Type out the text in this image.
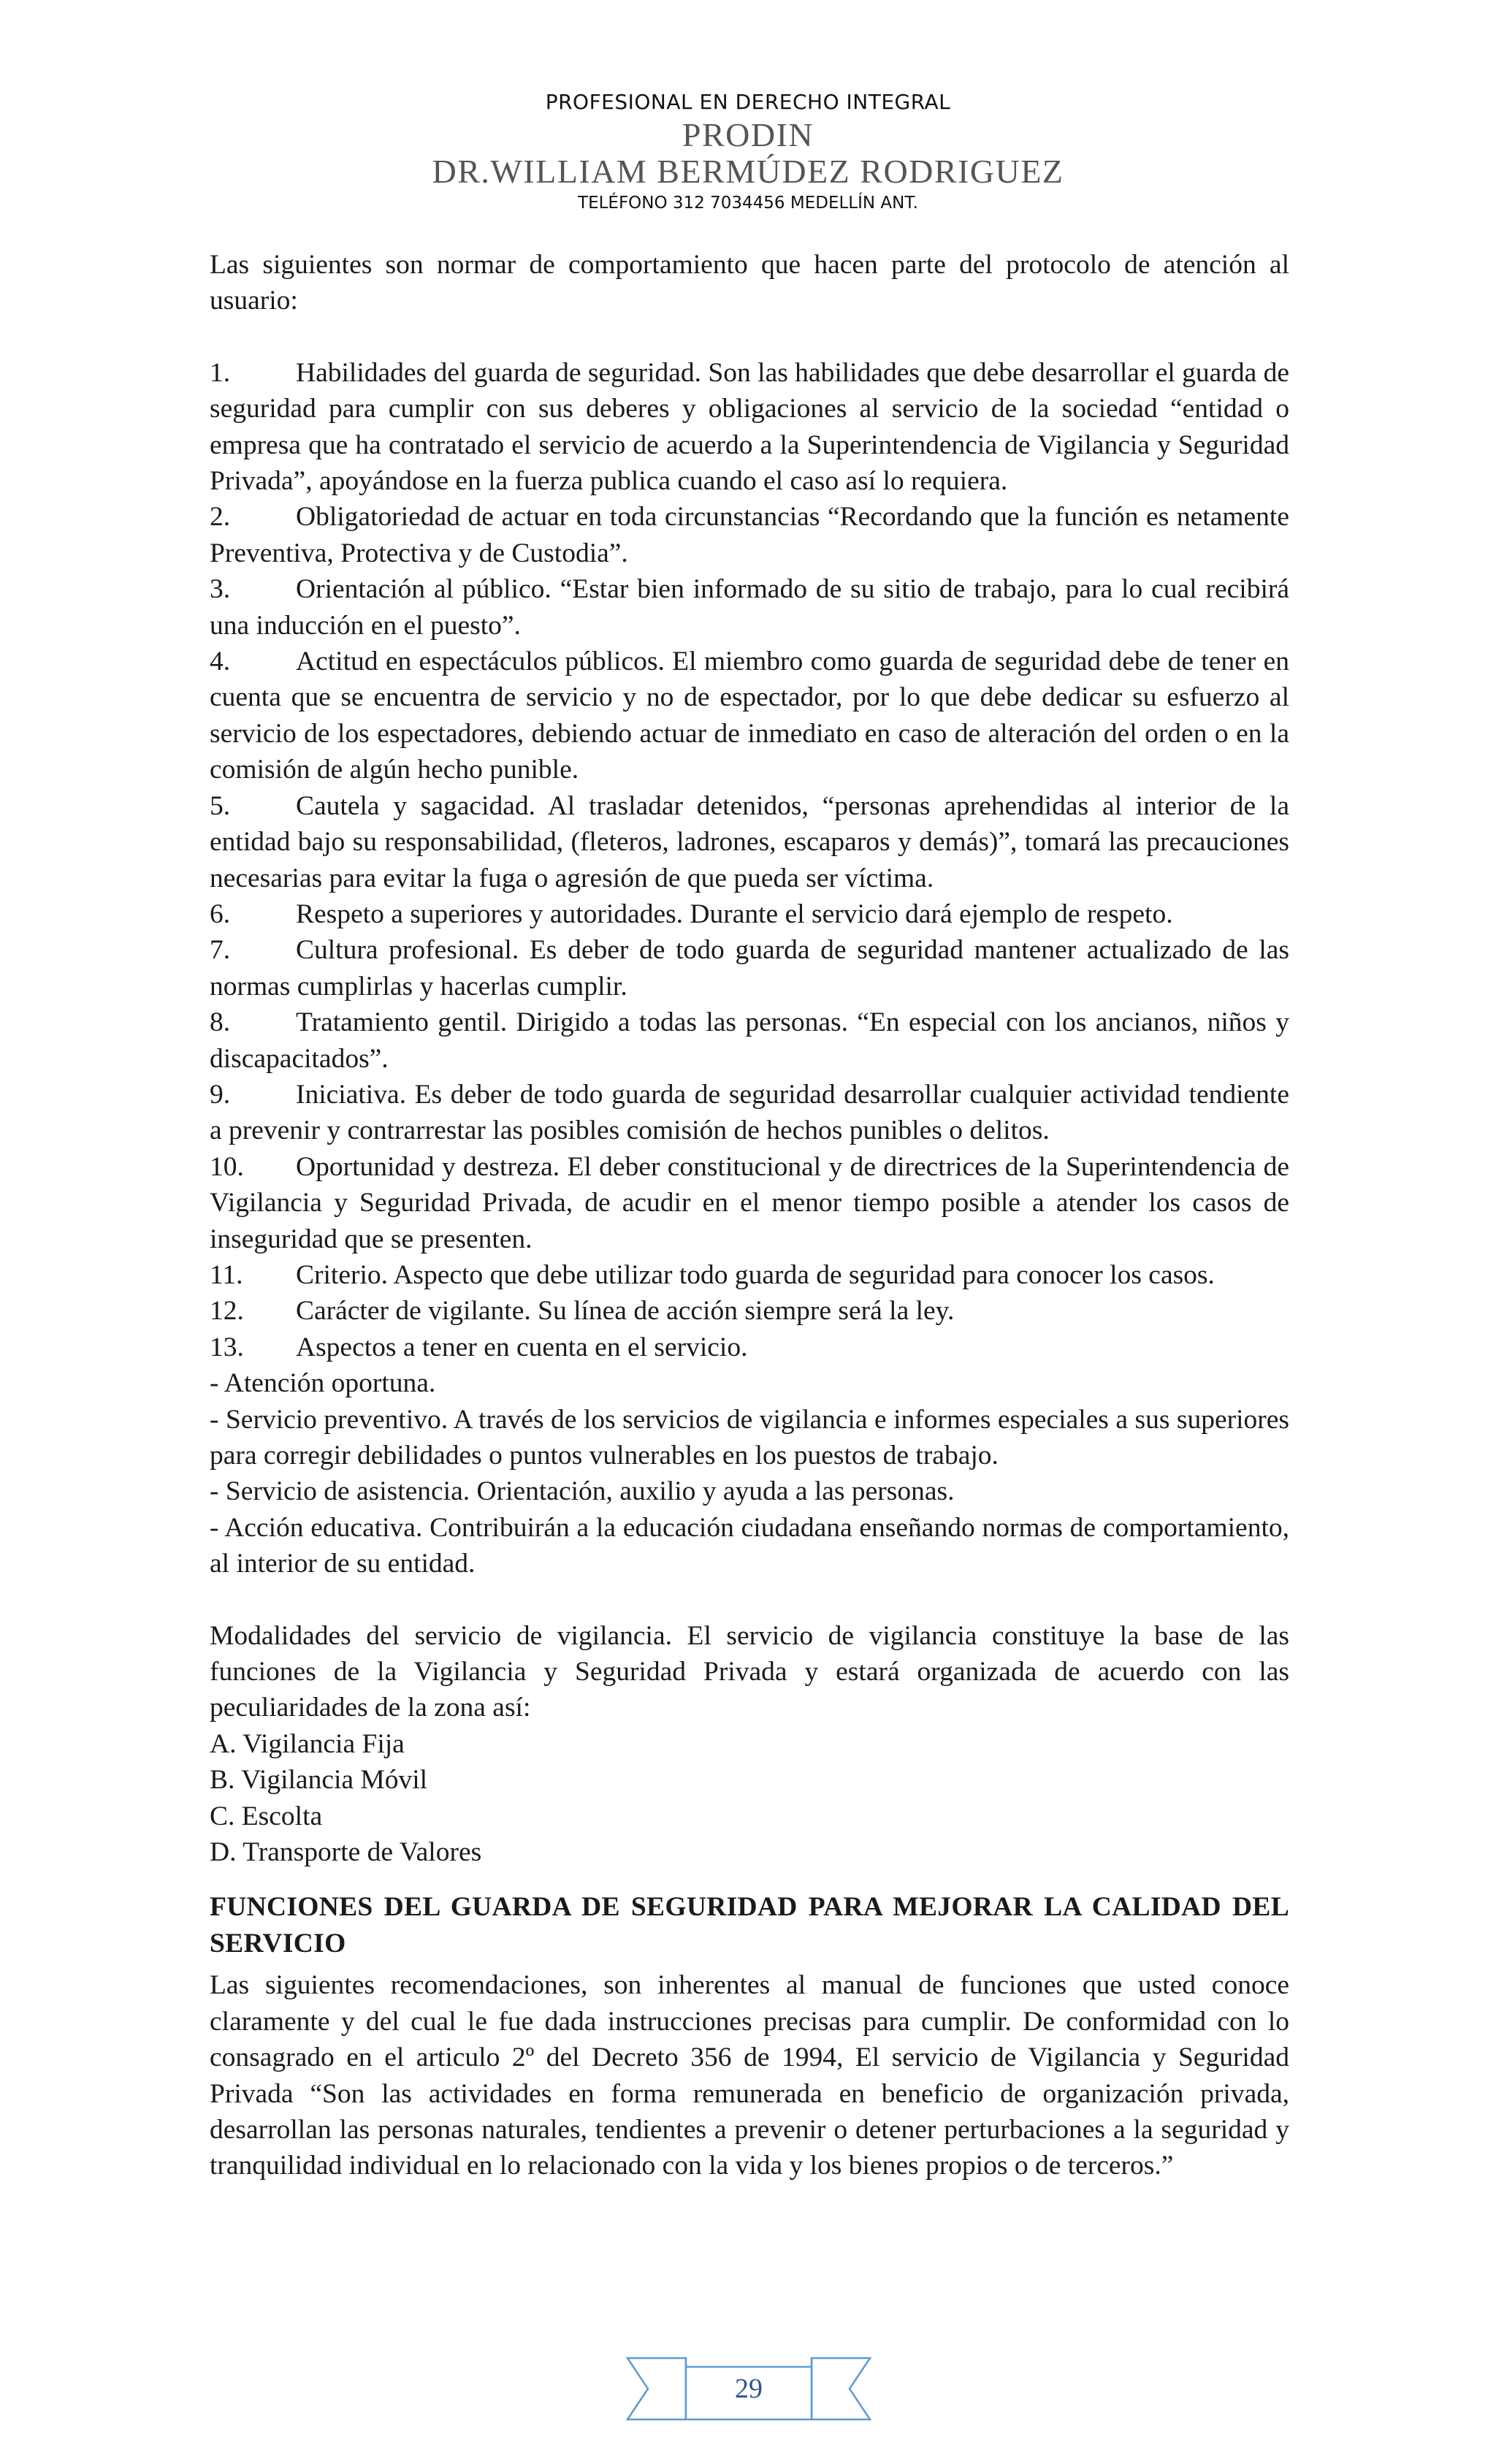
PROFESIONAL EN DERECHO INTEGRAL
PRODIN
DR.WILLIAM BERMÚDEZ RODRIGUEZ
TELÉFONO 312 7034456 MEDELLÍN ANT.

Las siguientes son normar de comportamiento que hacen parte del protocolo de atención al usuario:

1. Habilidades del guarda de seguridad. Son las habilidades que debe desarrollar el guarda de seguridad para cumplir con sus deberes y obligaciones al servicio de la sociedad “entidad o empresa que ha contratado el servicio de acuerdo a la Superintendencia de Vigilancia y Seguridad Privada”, apoyándose en la fuerza publica cuando el caso así lo requiera.

2. Obligatoriedad de actuar en toda circunstancias “Recordando que la función es netamente Preventiva, Protectiva y de Custodia”.

3. Orientación al público. “Estar bien informado de su sitio de trabajo, para lo cual recibirá una inducción en el puesto”.

4. Actitud en espectáculos públicos. El miembro como guarda de seguridad debe de tener en cuenta que se encuentra de servicio y no de espectador, por lo que debe dedicar su esfuerzo al servicio de los espectadores, debiendo actuar de inmediato en caso de alteración del orden o en la comisión de algún hecho punible.

5. Cautela y sagacidad. Al trasladar detenidos, “personas aprehendidas al interior de la entidad bajo su responsabilidad, (fleteros, ladrones, escaparos y demás)”, tomará las precauciones necesarias para evitar la fuga o agresión de que pueda ser víctima.

6. Respeto a superiores y autoridades. Durante el servicio dará ejemplo de respeto.

7. Cultura profesional. Es deber de todo guarda de seguridad mantener actualizado de las normas cumplirlas y hacerlas cumplir.

8. Tratamiento gentil. Dirigido a todas las personas. “En especial con los ancianos, niños y discapacitados”.

9. Iniciativa. Es deber de todo guarda de seguridad desarrollar cualquier actividad tendiente a prevenir y contrarrestar las posibles comisión de hechos punibles o delitos.

10. Oportunidad y destreza. El deber constitucional y de directrices de la Superintendencia de Vigilancia y Seguridad Privada, de acudir en el menor tiempo posible a atender los casos de inseguridad que se presenten.

11. Criterio. Aspecto que debe utilizar todo guarda de seguridad para conocer los casos.

12. Carácter de vigilante. Su línea de acción siempre será la ley.

13. Aspectos a tener en cuenta en el servicio.

- Atención oportuna.

- Servicio preventivo. A través de los servicios de vigilancia e informes especiales a sus superiores para corregir debilidades o puntos vulnerables en los puestos de trabajo.

- Servicio de asistencia. Orientación, auxilio y ayuda a las personas.

- Acción educativa. Contribuirán a la educación ciudadana enseñando normas de comportamiento, al interior de su entidad.

Modalidades del servicio de vigilancia. El servicio de vigilancia constituye la base de las funciones de la Vigilancia y Seguridad Privada y estará organizada de acuerdo con las peculiaridades de la zona así:

A. Vigilancia Fija

B. Vigilancia Móvil

C. Escolta

D. Transporte de Valores

FUNCIONES DEL GUARDA DE SEGURIDAD PARA MEJORAR LA CALIDAD DEL SERVICIO

Las siguientes recomendaciones, son inherentes al manual de funciones que usted conoce claramente y del cual le fue dada instrucciones precisas para cumplir. De conformidad con lo consagrado en el articulo 2º del Decreto 356 de 1994, El servicio de Vigilancia y Seguridad Privada “Son las actividades en forma remunerada en beneficio de organización privada, desarrollan las personas naturales, tendientes a prevenir o detener perturbaciones a la seguridad y tranquilidad individual en lo relacionado con la vida y los bienes propios o de terceros.”

29
